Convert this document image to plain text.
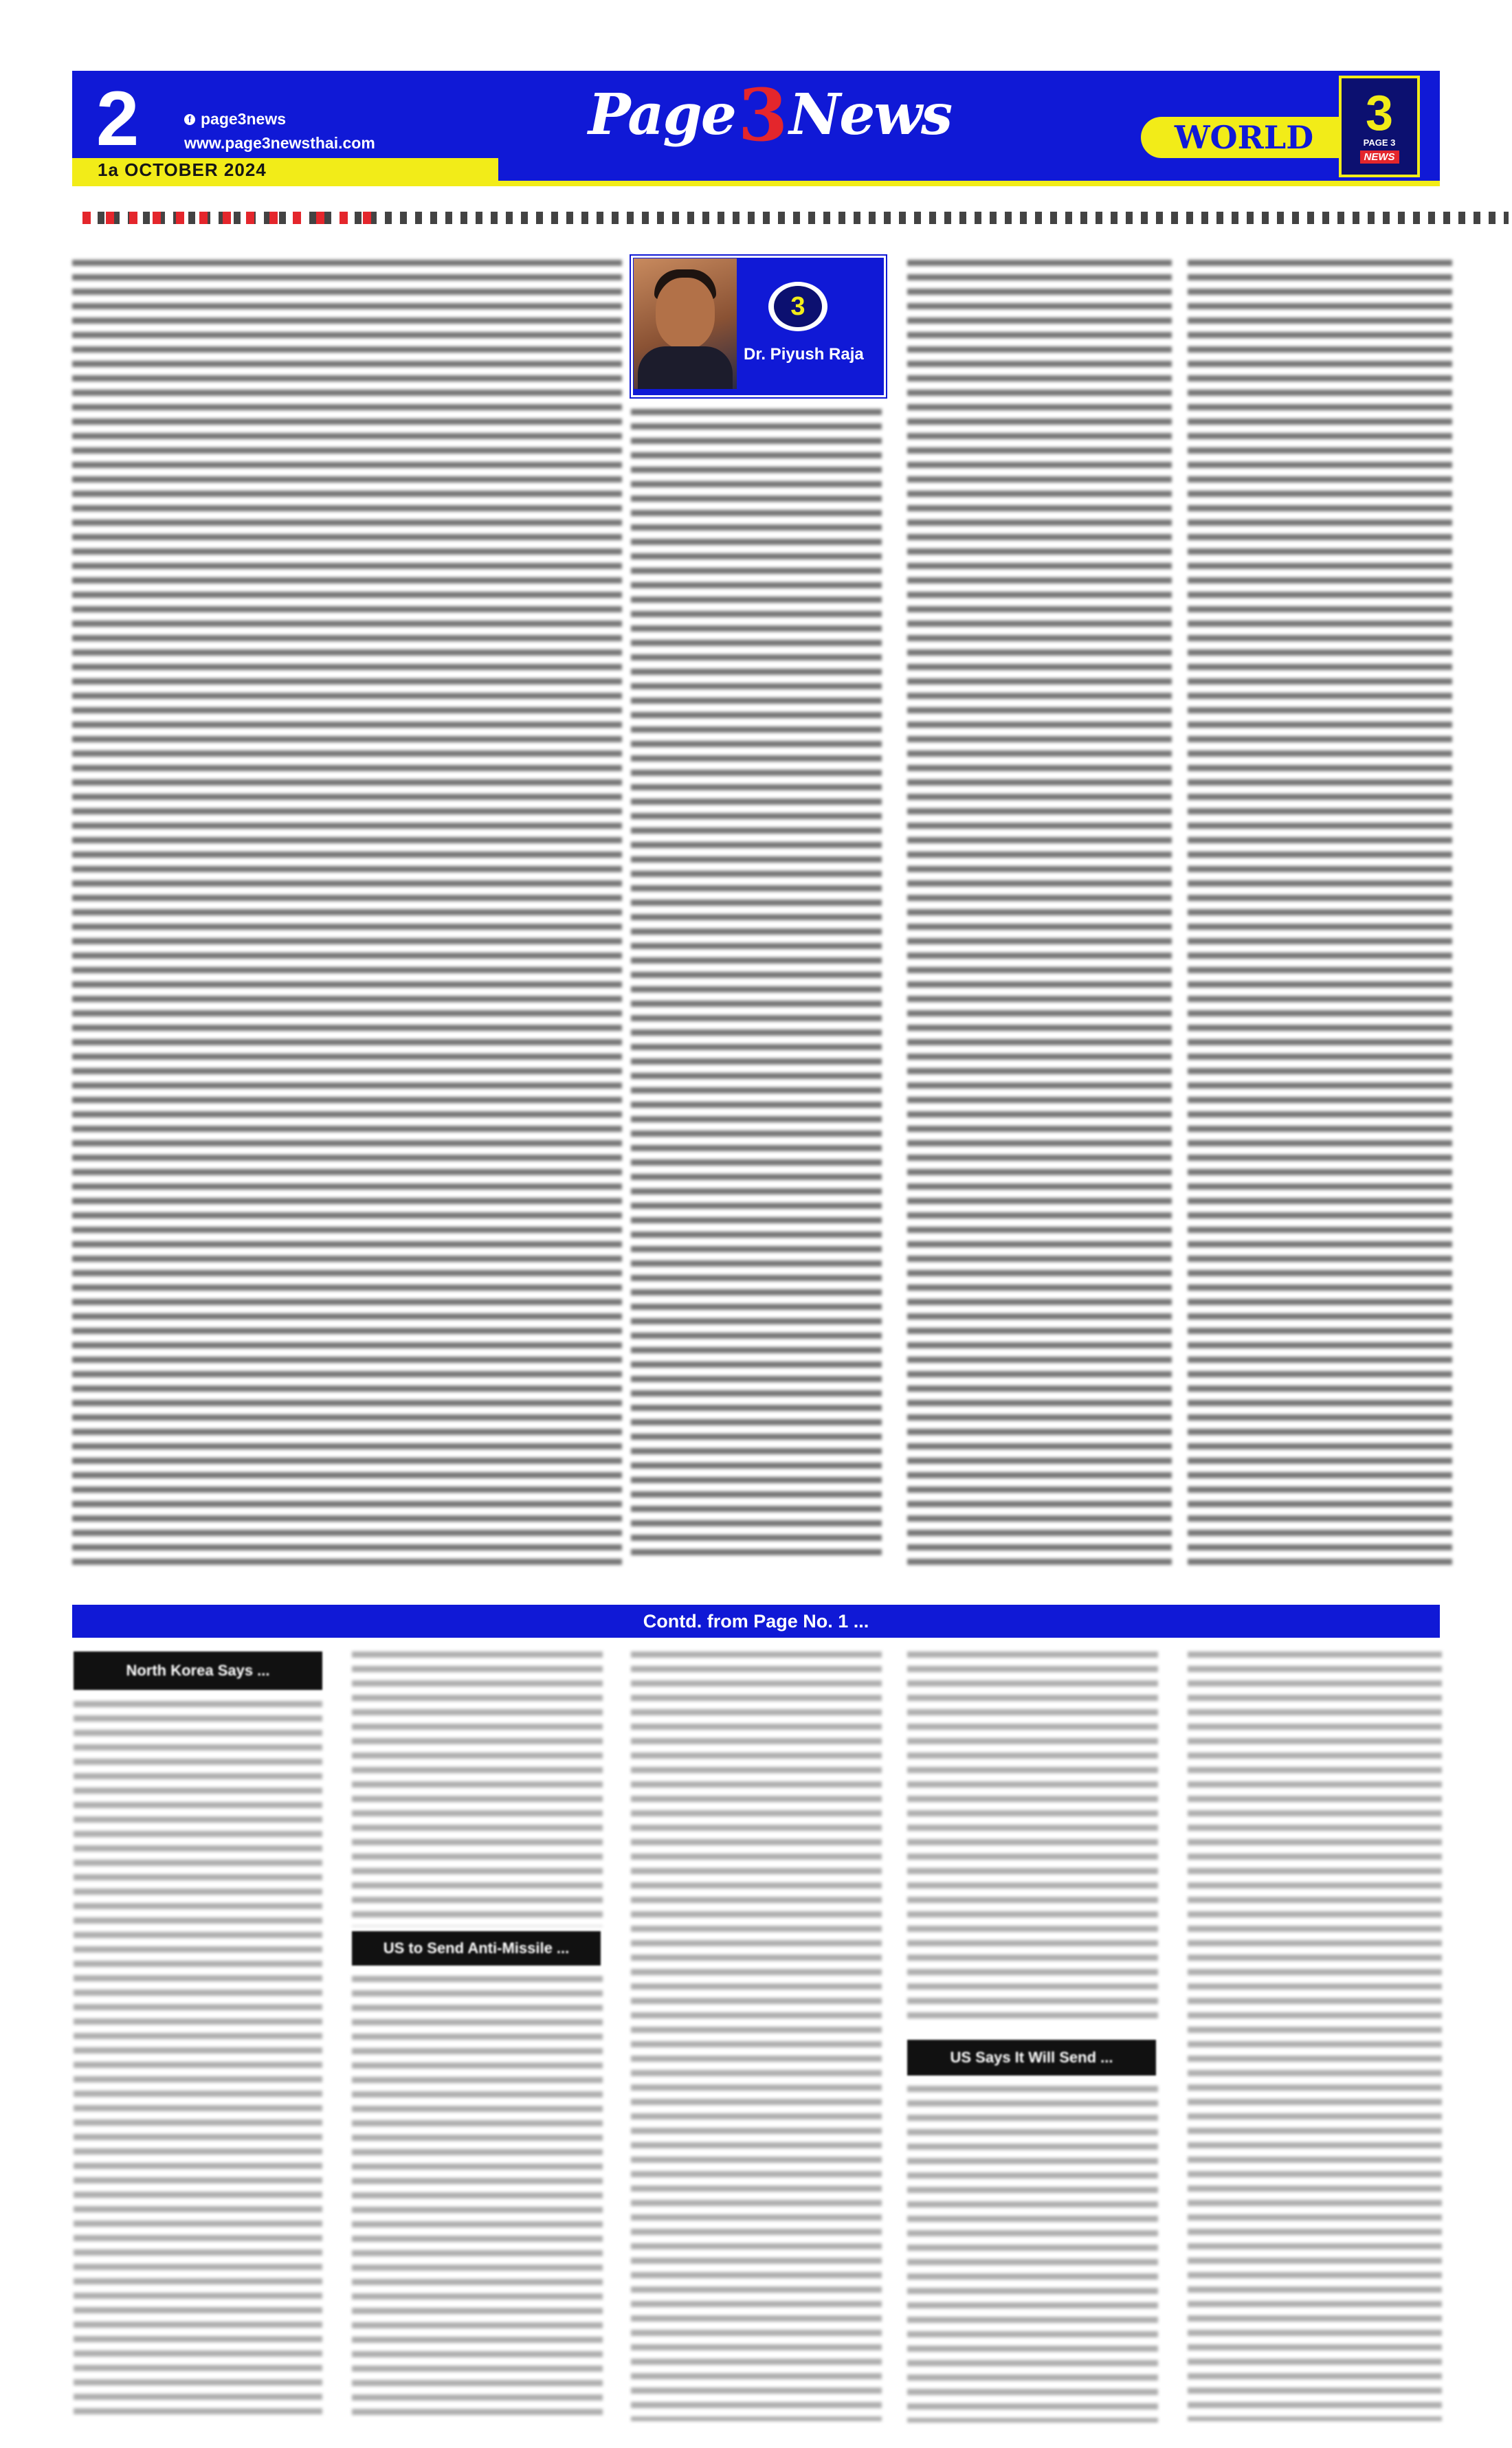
2	f page3news
www.page3newsthai.com
1a OCTOBER 2024
Page 3 News	WORLD 3
PAGE 3
NEWS
3
Dr. Piyush Raja
Contd. from Page No. 1 ...
North Korea Says ...
US to Send Anti-Missile ...
US Says It Will Send ...
